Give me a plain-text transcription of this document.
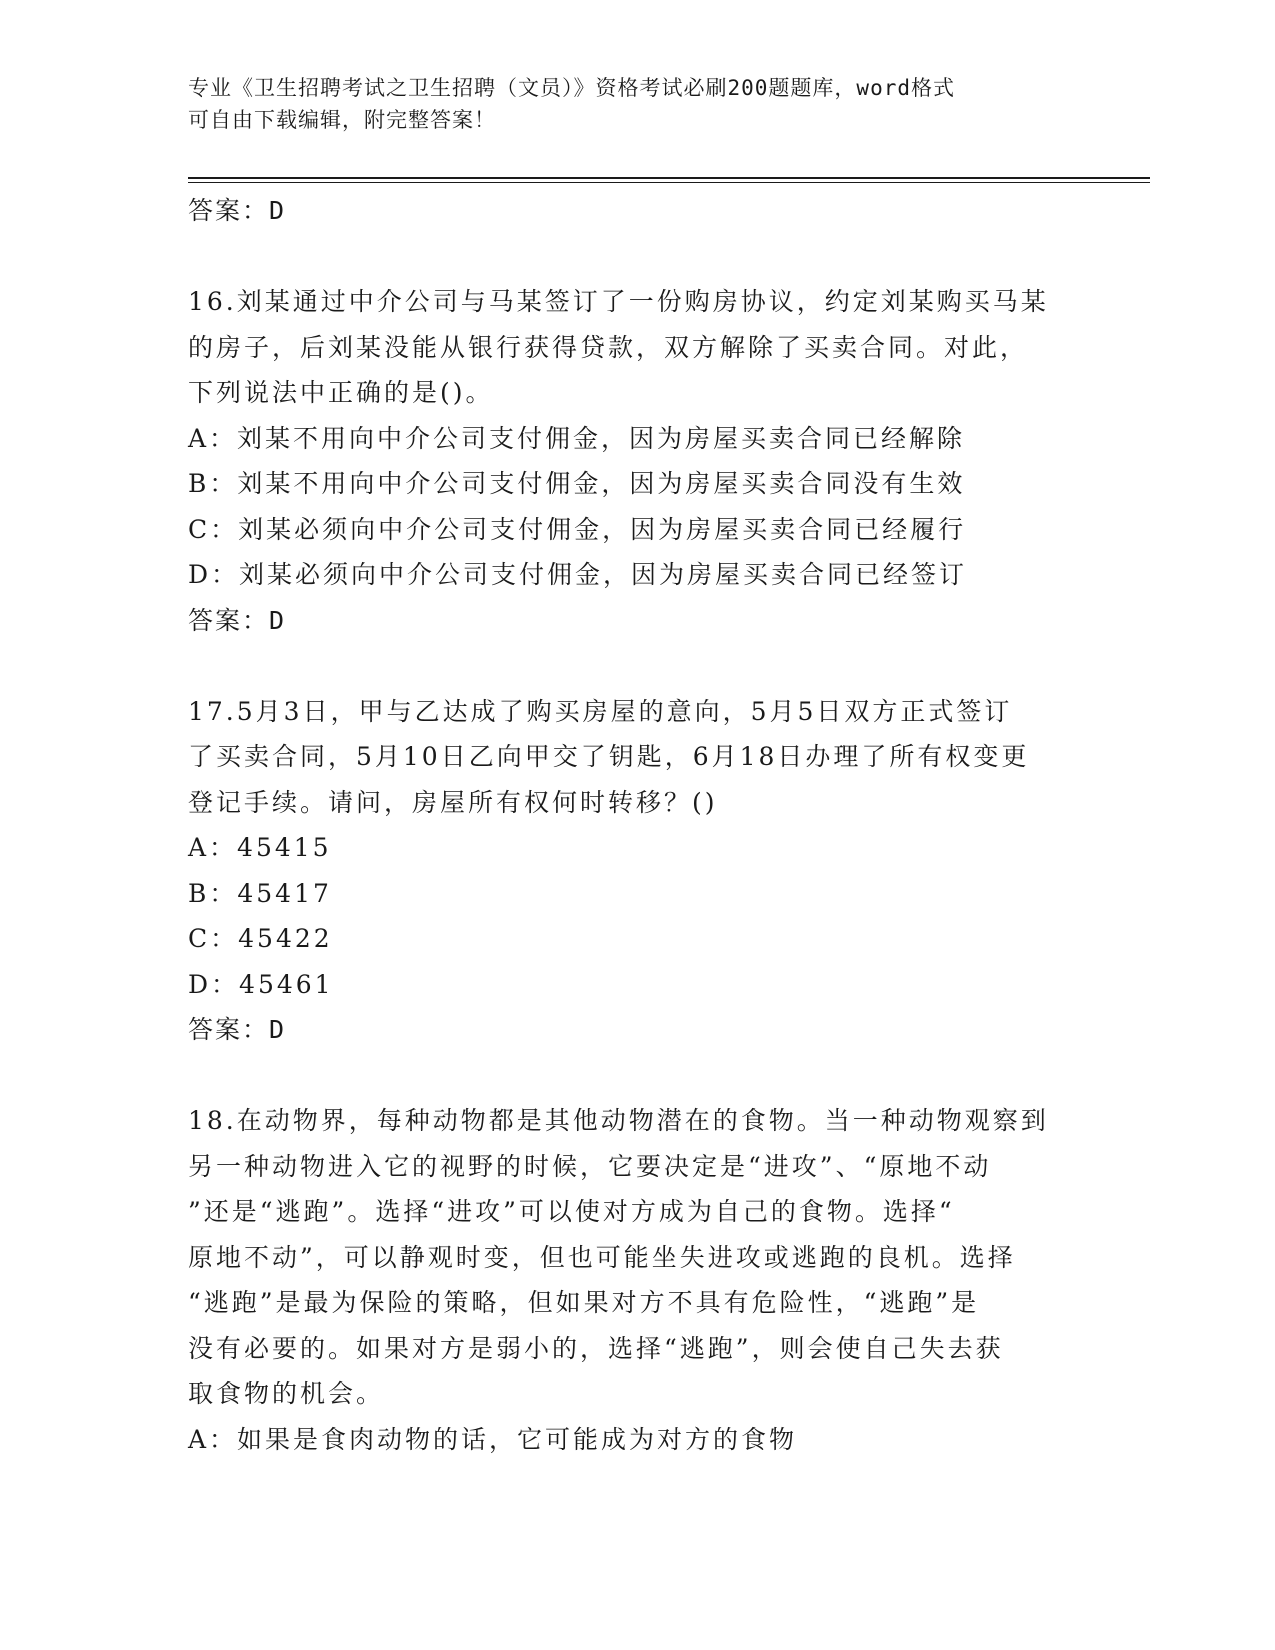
专业《卫生招聘考试之卫生招聘（文员）》资格考试必刷200题题库，word格式
可自由下载编辑，附完整答案！
答案：D
16.刘某通过中介公司与马某签订了一份购房协议，约定刘某购买马某
的房子，后刘某没能从银行获得贷款，双方解除了买卖合同。对此，
下列说法中正确的是()。
A：刘某不用向中介公司支付佣金，因为房屋买卖合同已经解除
B：刘某不用向中介公司支付佣金，因为房屋买卖合同没有生效
C：刘某必须向中介公司支付佣金，因为房屋买卖合同已经履行
D：刘某必须向中介公司支付佣金，因为房屋买卖合同已经签订
答案：D
17.5月3日，甲与乙达成了购买房屋的意向，5月5日双方正式签订
了买卖合同，5月10日乙向甲交了钥匙，6月18日办理了所有权变更
登记手续。请问，房屋所有权何时转移？()
A：45415
B：45417
C：45422
D：45461
答案：D
18.在动物界，每种动物都是其他动物潜在的食物。当一种动物观察到
另一种动物进入它的视野的时候，它要决定是“进攻”、“原地不动
”还是“逃跑”。选择“进攻”可以使对方成为自己的食物。选择“
原地不动”，可以静观时变，但也可能坐失进攻或逃跑的良机。选择
“逃跑”是最为保险的策略，但如果对方不具有危险性，“逃跑”是
没有必要的。如果对方是弱小的，选择“逃跑”，则会使自己失去获
取食物的机会。
A：如果是食肉动物的话，它可能成为对方的食物
